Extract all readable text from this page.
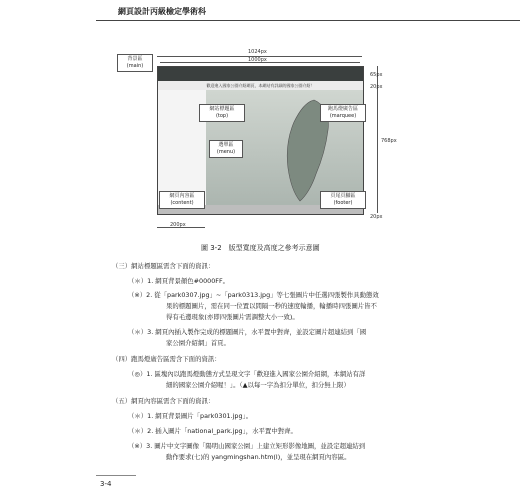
網頁設計丙級檢定學術科
1024px
1000px
65px
20px
768px
20px
200px
歡迎進入國家公園介紹網頁，本網站有詳細的國家公園介紹！
背景區
(main)
網站標題區
(top)
跑馬燈廣告區
(marquee)
選單區
(menu)
網頁內容區
(content)
頁尾頁腳區
(footer)
圖 3-2　版型寬度及高度之參考示意圖
（三）網站標題區需含下面的資訊：
（＊）1. 網頁背景顏色#0000FF。
（※）2. 從「park0307.jpg」~「park0313.jpg」等七張圖片中任選四張製作具動態效
果的標題圖片，需在同一位置以間隔一秒的速度輪播，輪播時四張圖片皆不
得有毛邊現象(亦即四張圖片需調整大小一致)。
（＊）3. 網頁內插入製作完成的標題圖片，水平置中對齊，並設定圖片超連結到「國
家公園介紹網」首頁。
（四）跑馬燈廣告區需含下面的資訊：
（◎）1. 區塊內以跑馬燈動態方式呈現文字「歡迎進入國家公園介紹網，本網站有詳
細的國家公園介紹喔！」。（▲以每一字為扣分單位，扣分無上限）
（五）網頁內容區需含下面的資訊：
（＊）1. 網頁背景圖片「park0301.jpg」。
（＊）2. 插入圖片「national_park.jpg」，水平置中對齊。
（※）3. 圖片中文字圖像「陽明山國家公園」上建立矩形影像地圖，並設定超連結到
動作要求(七)的 yangmingshan.htm(l)，並呈現在網頁內容區。
3-4
